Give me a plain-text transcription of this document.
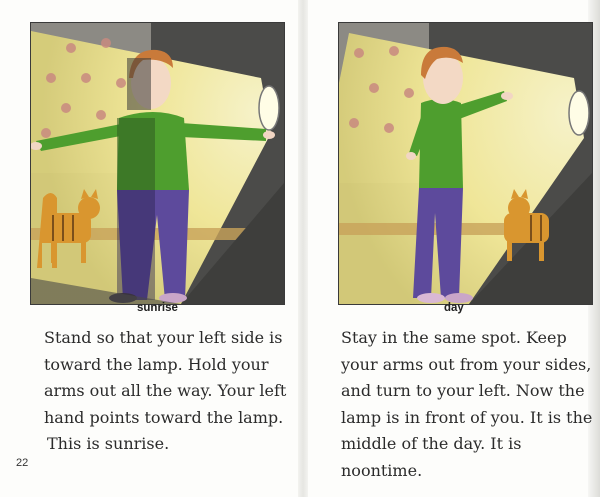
sunrise	day
Stand so that your left side is
toward the lamp. Hold your
arms out all the way. Your left
hand points toward the lamp.
This is sunrise.
Stay in the same spot. Keep
your arms out from your sides,
and turn to your left. Now the
lamp is in front of you. It is the
middle of the day. It is
noontime.
22
